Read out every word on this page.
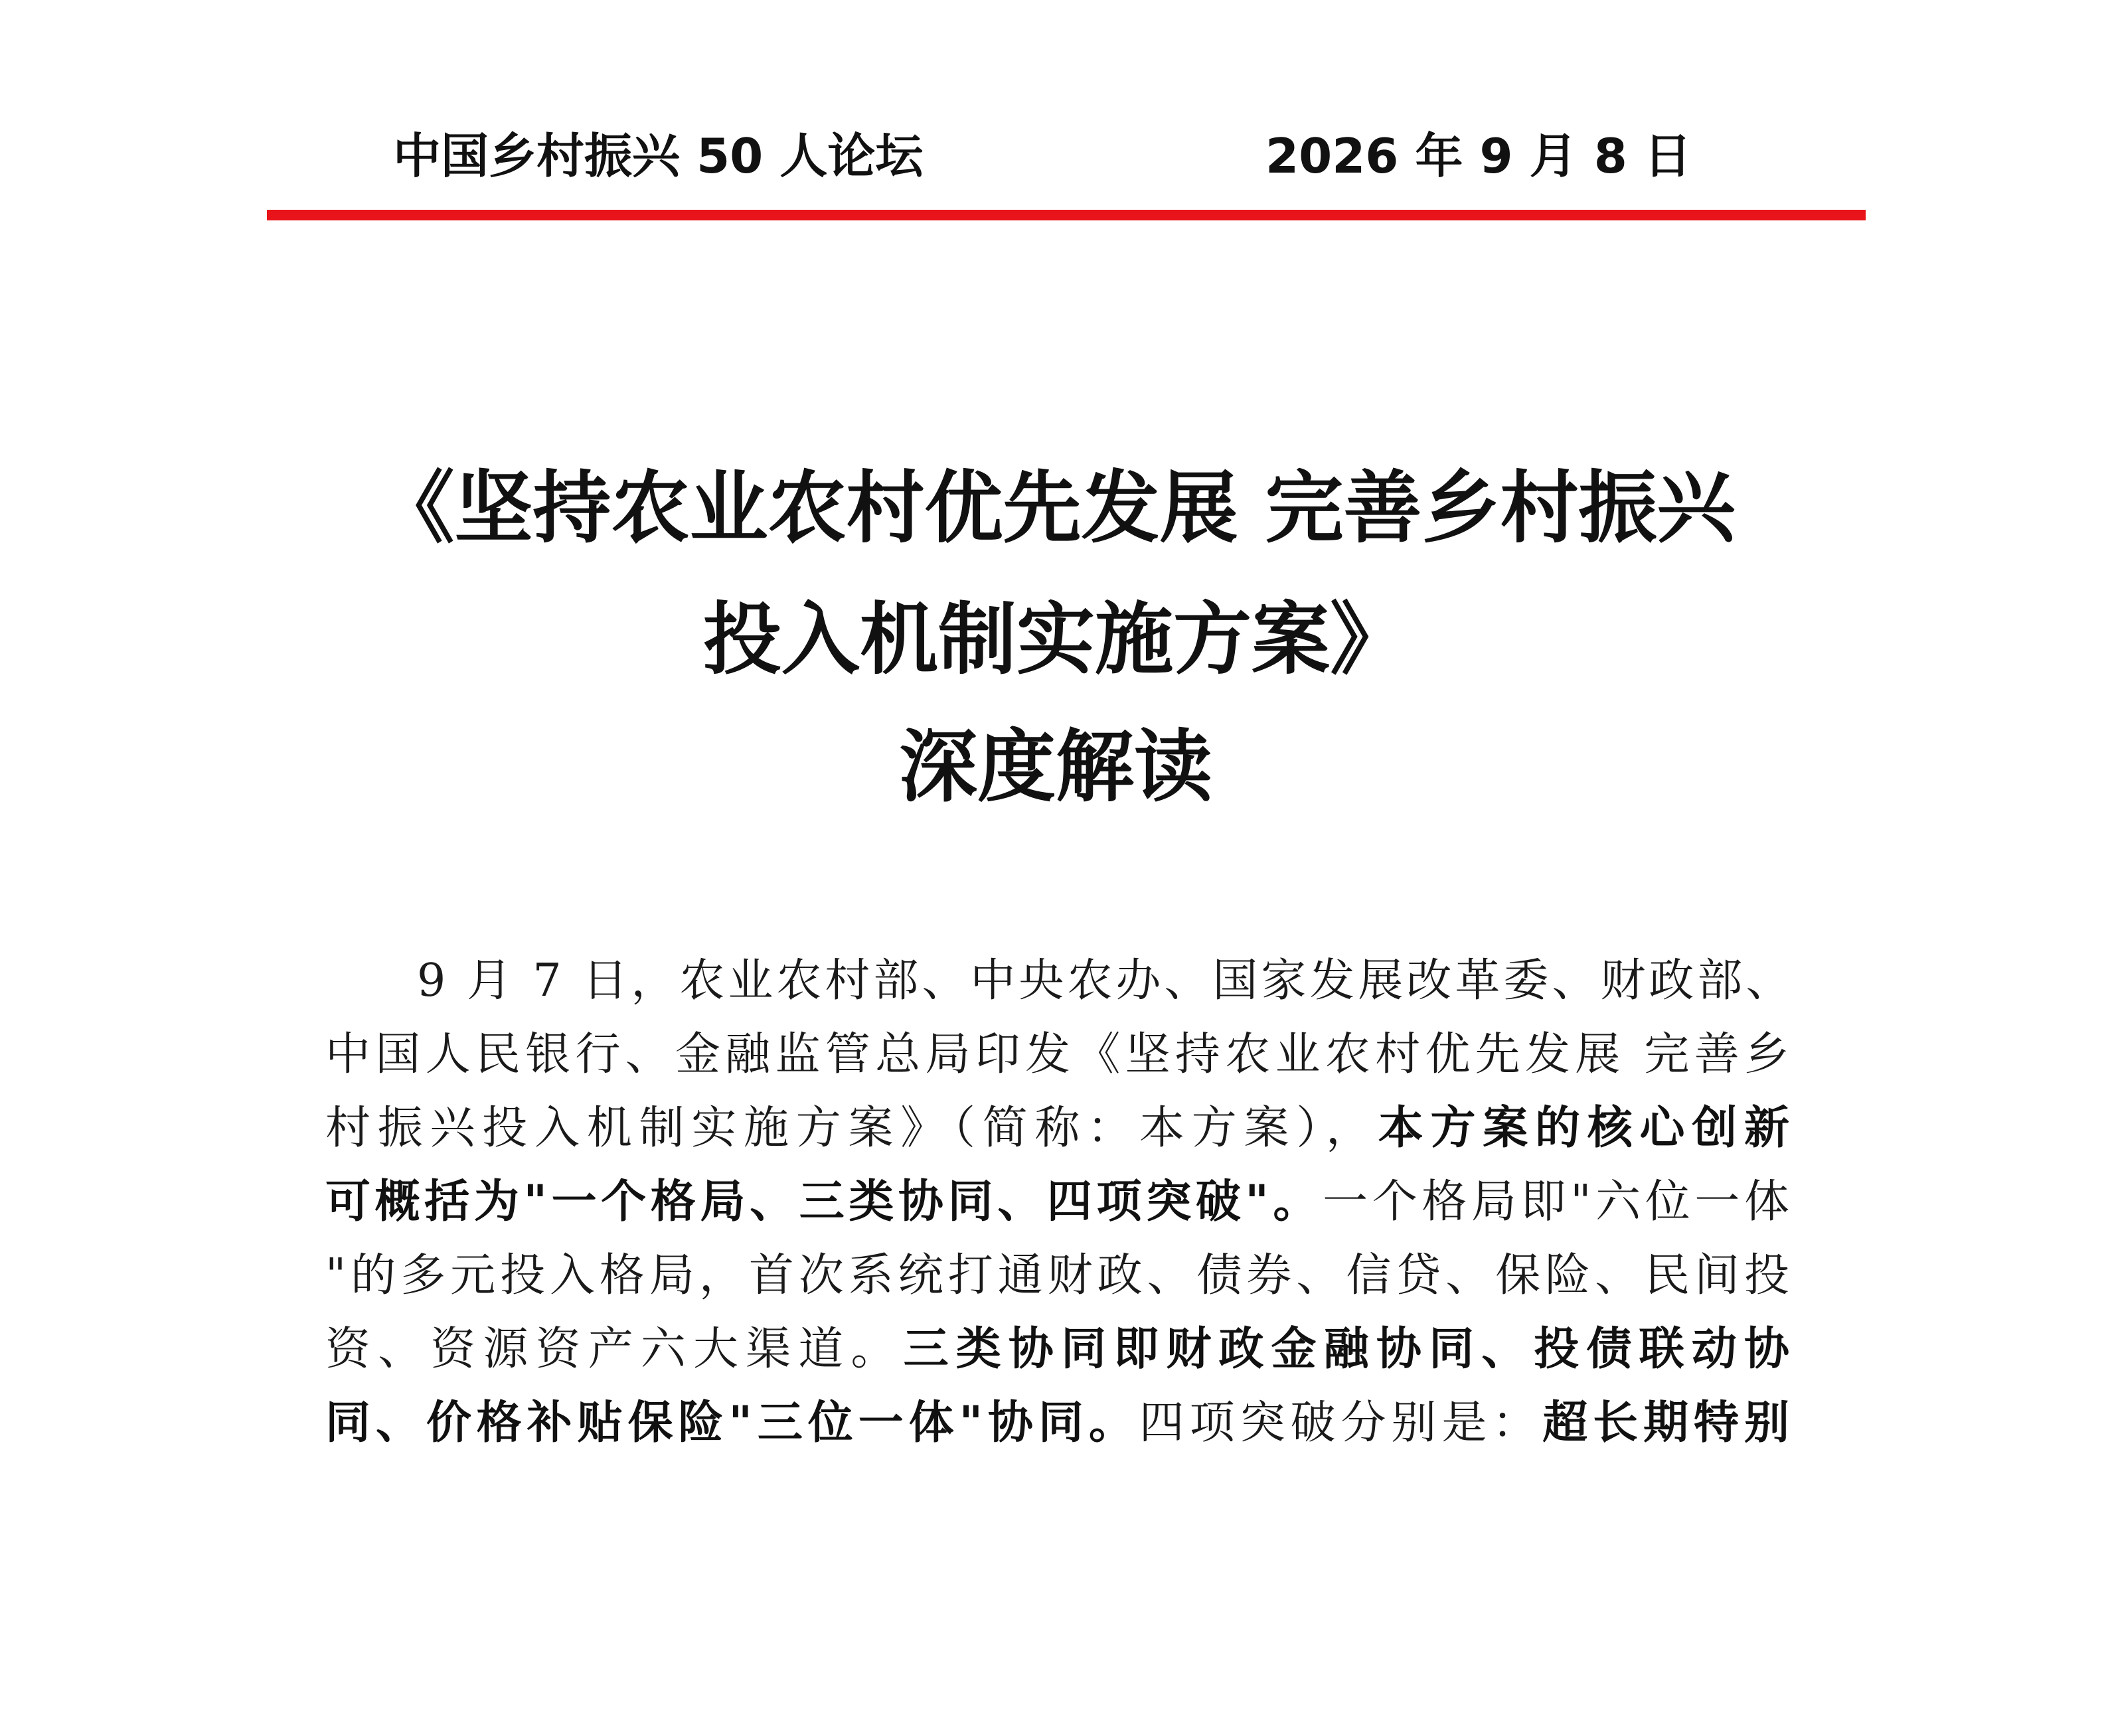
中国乡村振兴 50 人论坛	2026 年 9 月 8 日
《坚持农业农村优先发展 完善乡村振兴
投入机制实施方案》
深度解读
9 月 7 日，农业农村部、中央农办、国家发展改革委、财政部、
中国人民银行、金融监管总局印发《坚持农业农村优先发展 完善乡
村振兴投入机制实施方案》（简称：本方案），本方案的核心创新
可概括为"一个格局、三类协同、四项突破"。一个格局即"六位一体
"的多元投入格局，首次系统打通财政、债券、信贷、保险、民间投
资、资源资产六大渠道。三类协同即财政金融协同、投债联动协
同、价格补贴保险"三位一体"协同。四项突破分别是：超长期特别
